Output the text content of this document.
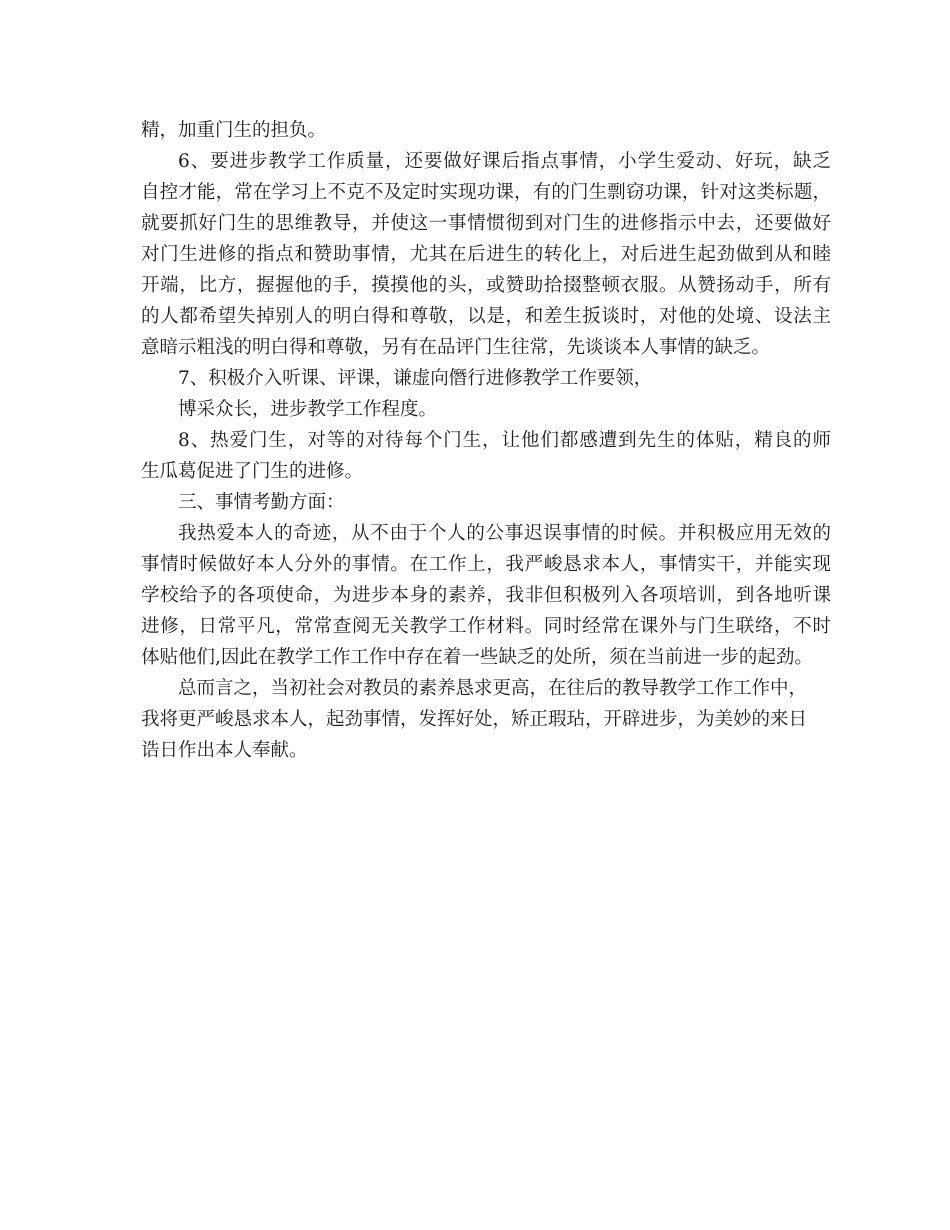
精，加重门生的担负。
6、要进步教学工作质量，还要做好课后指点事情，小学生爱动、好玩，缺乏
自控才能，常在学习上不克不及定时实现功课，有的门生剽窃功课，针对这类标题，
就要抓好门生的思维教导，并使这一事情惯彻到对门生的进修指示中去，还要做好
对门生进修的指点和赞助事情，尤其在后进生的转化上，对后进生起劲做到从和睦
开端，比方，握握他的手，摸摸他的头，或赞助拾掇整顿衣服。从赞扬动手，所有
的人都希望失掉别人的明白得和尊敬，以是，和差生扳谈时，对他的处境、设法主
意暗示粗浅的明白得和尊敬，另有在品评门生往常，先谈谈本人事情的缺乏。
7、积极介入听课、评课，谦虚向僭行进修教学工作要领，
博采众长，进步教学工作程度。
8、热爱门生，对等的对待每个门生，让他们都感遭到先生的体贴，精良的师
生瓜葛促进了门生的进修。
三、事情考勤方面：
我热爱本人的奇迹，从不由于个人的公事迟误事情的时候。并积极应用无效的
事情时候做好本人分外的事情。在工作上，我严峻恳求本人，事情实干，并能实现
学校给予的各项使命，为进步本身的素养，我非但积极列入各项培训，到各地听课
进修，日常平凡，常常查阅无关教学工作材料。同时经常在课外与门生联络，不时
体贴他们,因此在教学工作工作中存在着一些缺乏的处所，须在当前进一步的起劲。
总而言之，当初社会对教员的素养恳求更高，在往后的教导教学工作工作中，
我将更严峻恳求本人，起劲事情，发挥好处，矫正瑕玷，开辟进步，为美妙的来日
诰日作出本人奉献。
